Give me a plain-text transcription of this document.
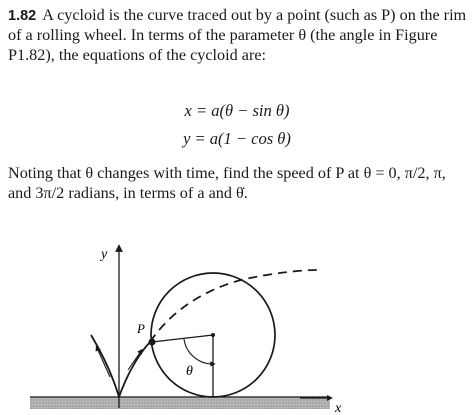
1.82 A cycloid is the curve traced out by a point (such as P) on the rim of a rolling wheel. In terms of the parameter θ (the angle in Figure P1.82), the equations of the cycloid are:
x = a(θ − sin θ)
y = a(1 − cos θ)
Noting that θ changes with time, find the speed of P at θ = 0, π/2, π, and 3π/2 radians, in terms of a and θ̇.
x
y
θ
P
